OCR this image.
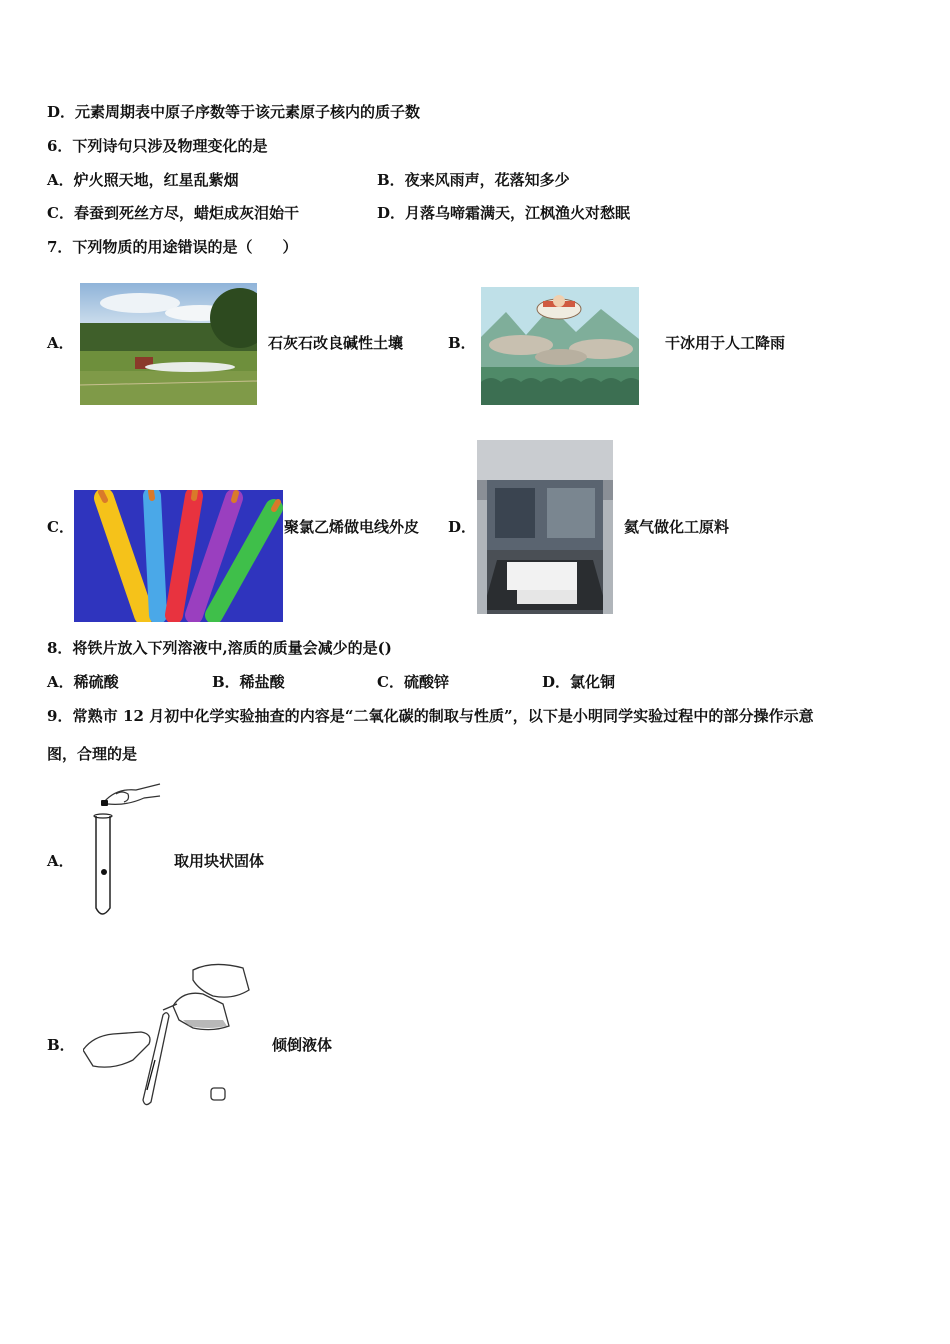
D．元素周期表中原子序数等于该元素原子核内的质子数
6．下列诗句只涉及物理变化的是
A．炉火照天地，红星乱紫烟	B．夜来风雨声，花落知多少
C．春蚕到死丝方尽，蜡炬成灰泪始干	D．月落乌啼霜满天，江枫渔火对愁眠
7．下列物质的用途错误的是（　　）
A．	石灰石改良碱性土壤	B．	干冰用于人工降雨
C．	聚氯乙烯做电线外皮 D．	氦气做化工原料
8．将铁片放入下列溶液中,溶质的质量会减少的是()
A．稀硫酸	B．稀盐酸	C．硫酸锌	D．氯化铜
9．常熟市 12 月初中化学实验抽查的内容是“二氧化碳的制取与性质”，以下是小明同学实验过程中的部分操作示意
图，合理的是
A．	取用块状固体
B．	倾倒液体
